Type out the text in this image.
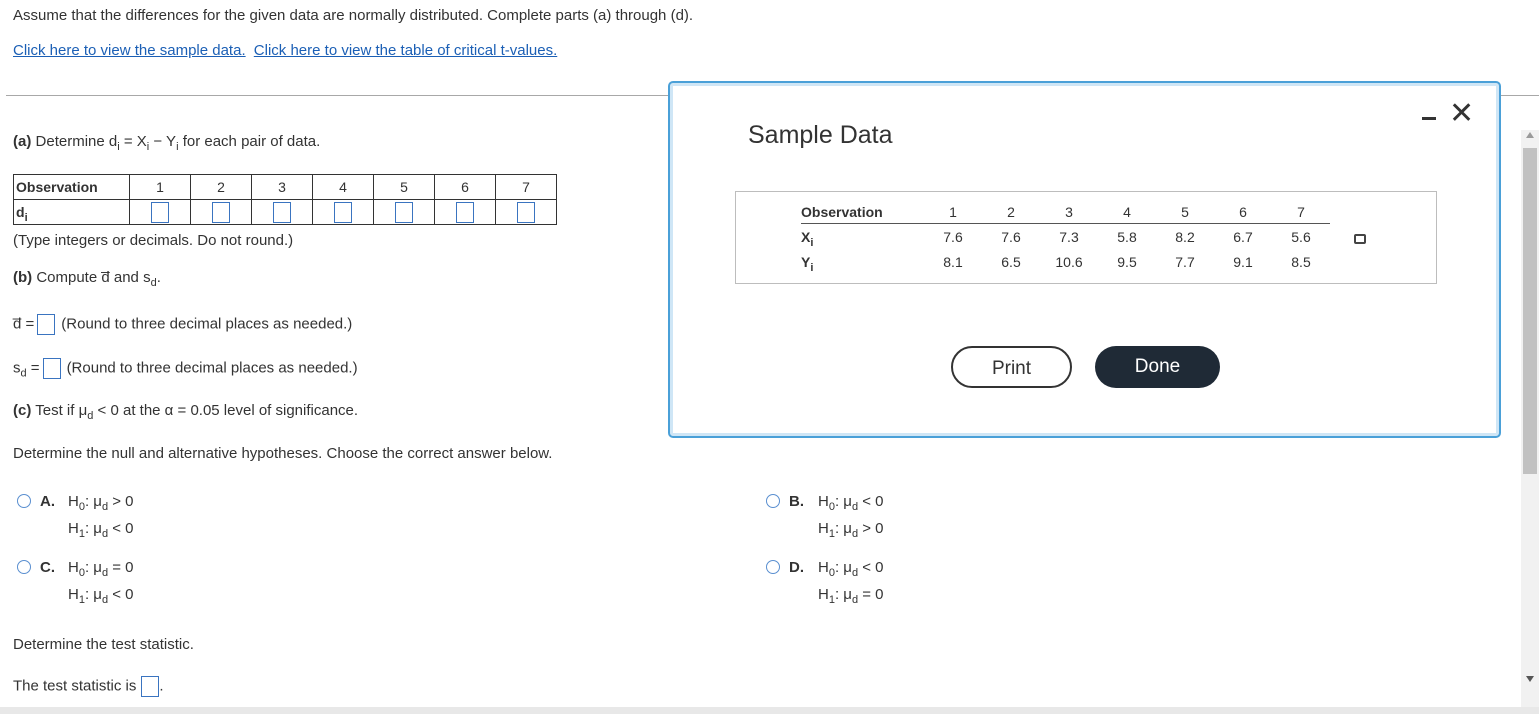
Assume that the differences for the given data are normally distributed. Complete parts (a) through (d).
Click here to view the sample data. Click here to view the table of critical t-values.
(a) Determine $d_i = X_i - Y_i$ for each pair of data.
Observation	1	2	3	4	5	6	7
$d_i$							
(Type integers or decimals. Do not round.)
(b) Compute d̅ and $s_d$.
d̅ = (Round to three decimal places as needed.)
$s_d$ = (Round to three decimal places as needed.)
(c) Test if $\mu_d < 0$ at the α = 0.05 level of significance.
Determine the null and alternative hypotheses. Choose the correct answer below.
A. $H_0$: $\mu_d > 0$
$H_1$: $\mu_d < 0$
B. $H_0$: $\mu_d < 0$
$H_1$: $\mu_d > 0$
C. $H_0$: $\mu_d = 0$
$H_1$: $\mu_d < 0$
D. $H_0$: $\mu_d < 0$
$H_1$: $\mu_d = 0$
Determine the test statistic.
The test statistic is .
Sample Data
✕
Observation	1	2	3	4	5	6	7
$X_i$	7.6	7.6	7.3	5.8	8.2	6.7	5.6
$Y_i$	8.1	6.5	10.6	9.5	7.7	9.1	8.5
Print	Done
